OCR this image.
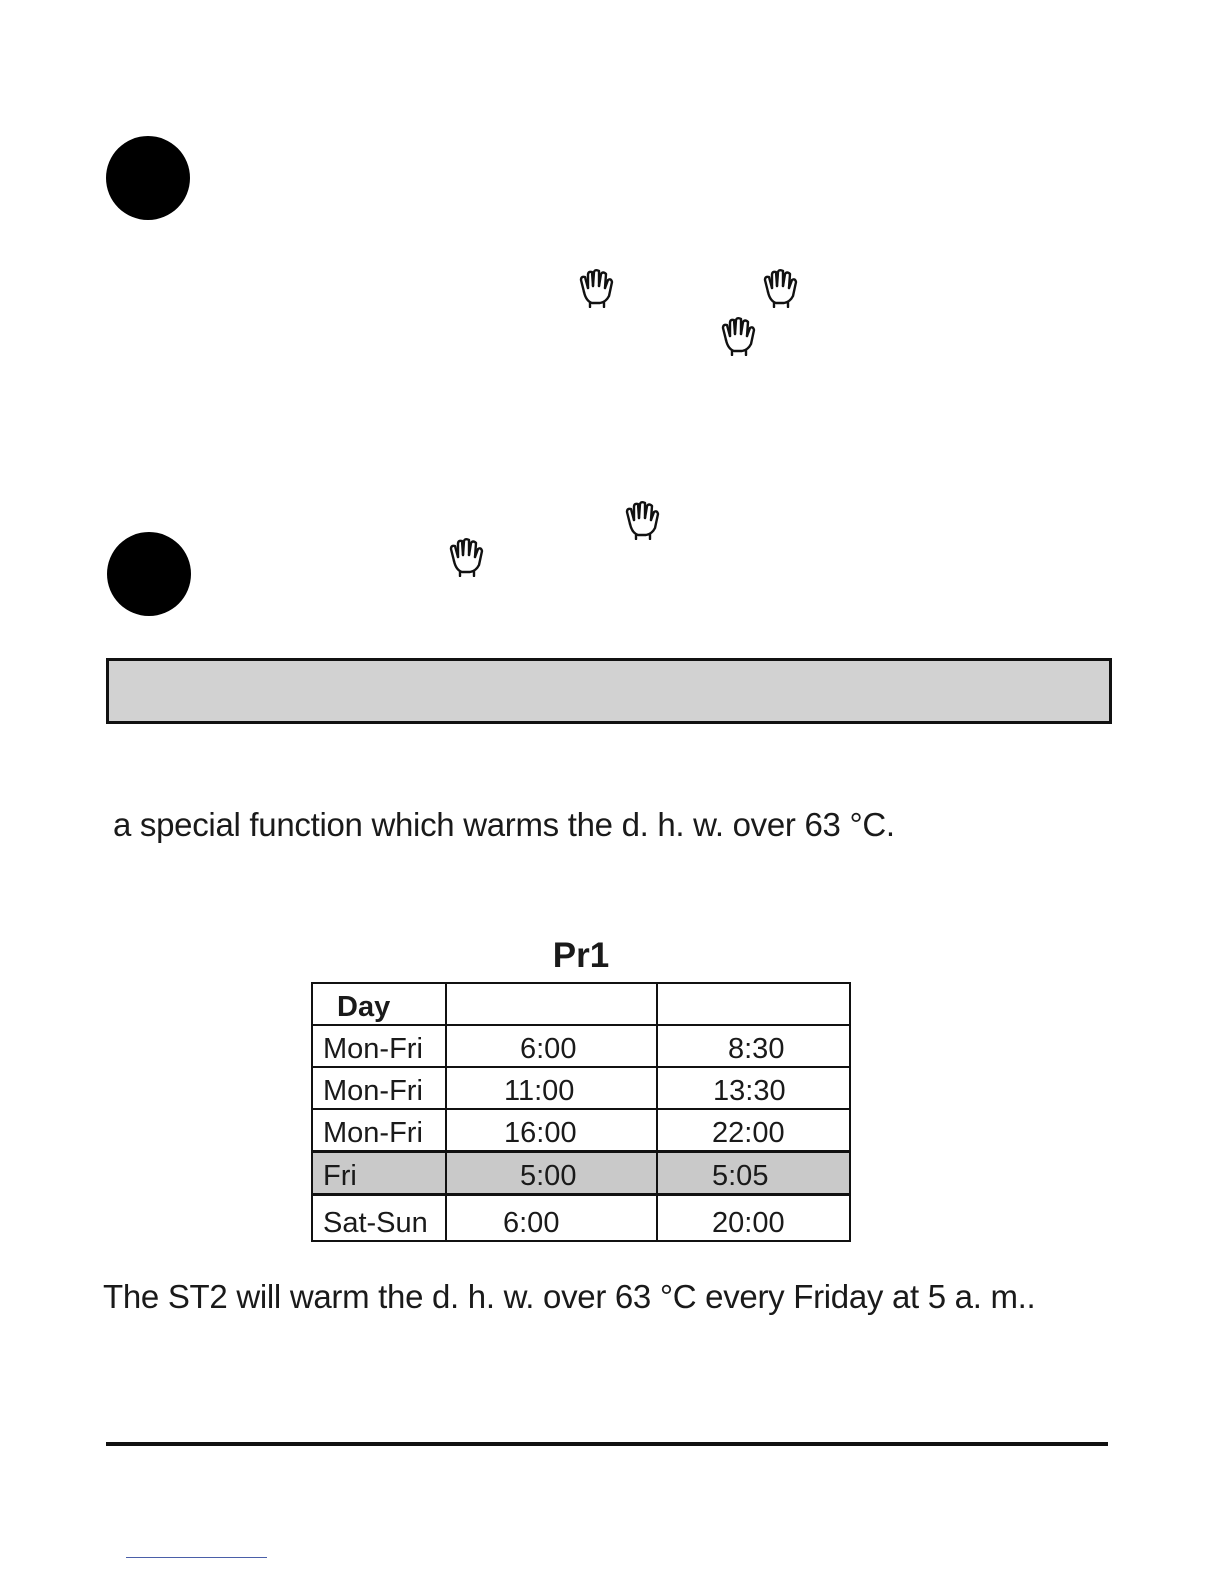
a special function which warms the d. h. w. over 63 °C.
Pr1
Day		
Mon-Fri	6:00	8:30
Mon-Fri	11:00	13:30
Mon-Fri	16:00	22:00
Fri	5:00	5:05
Sat-Sun	6:00	20:00
The ST2 will warm the d. h. w. over 63 °C every Friday at 5 a. m..
